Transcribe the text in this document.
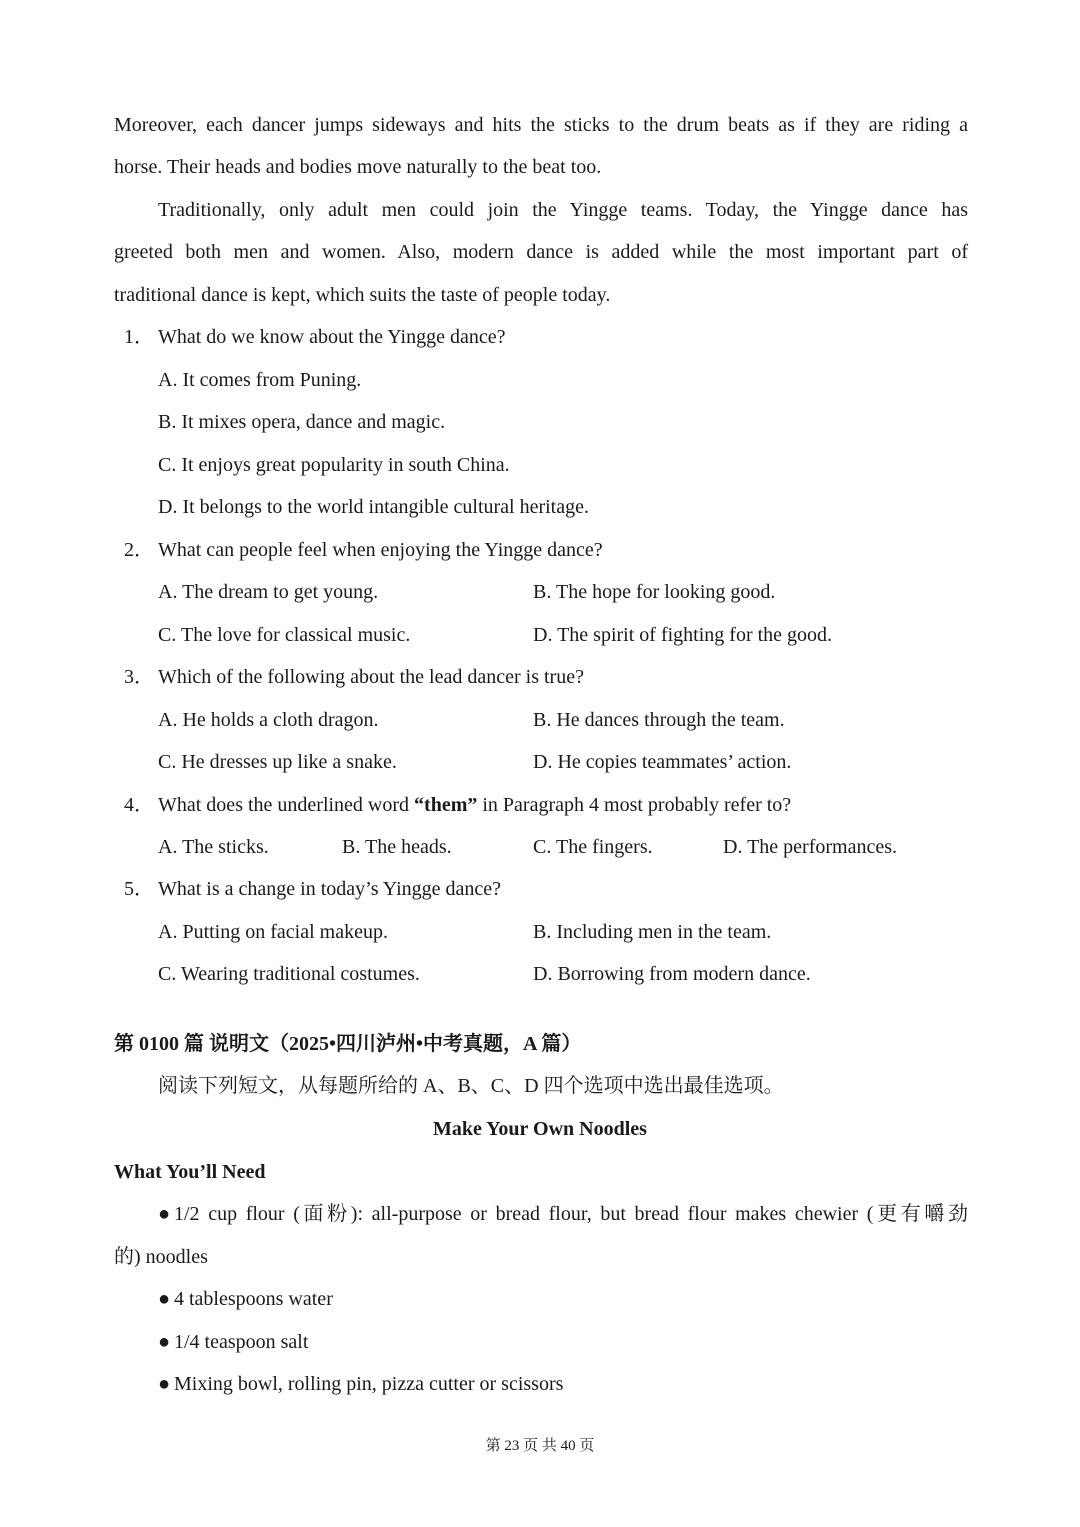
Moreover, each dancer jumps sideways and hits the sticks to the drum beats as if they are riding a
horse. Their heads and bodies move naturally to the beat too.
Traditionally, only adult men could join the Yingge teams. Today, the Yingge dance has
greeted both men and women. Also, modern dance is added while the most important part of
traditional dance is kept, which suits the taste of people today.
1． What do we know about the Yingge dance?
A. It comes from Puning.
B. It mixes opera, dance and magic.
C. It enjoys great popularity in south China.
D. It belongs to the world intangible cultural heritage.
2． What can people feel when enjoying the Yingge dance?
A. The dream to get young.	B. The hope for looking good.
C. The love for classical music.	D. The spirit of fighting for the good.
3． Which of the following about the lead dancer is true?
A. He holds a cloth dragon.	B. He dances through the team.
C. He dresses up like a snake.	D. He copies teammates’ action.
4． What does the underlined word “them” in Paragraph 4 most probably refer to?
A. The sticks.	B. The heads.	C. The fingers.	D. The performances.
5． What is a change in today’s Yingge dance?
A. Putting on facial makeup.	B. Including men in the team.
C. Wearing traditional costumes.	D. Borrowing from modern dance.
第 0100 篇 说明文（2025•四川泸州•中考真题，A 篇）
阅读下列短文，从每题所给的 A、B、C、D 四个选项中选出最佳选项。
Make Your Own Noodles
What You’ll Need
● 1/2 cup flour (面粉): all-purpose or bread flour, but bread flour makes chewier (更有嚼劲
的) noodles
● 4 tablespoons water
● 1/4 teaspoon salt
● Mixing bowl, rolling pin, pizza cutter or scissors
第 23 页 共 40 页
